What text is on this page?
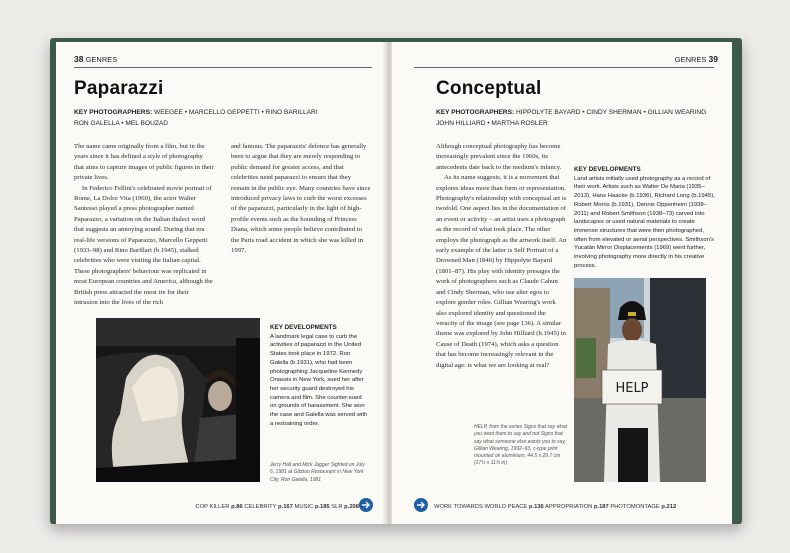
38 GENRES
Paparazzi
KEY PHOTOGRAPHERS: WEEGEE • MARCELLO GEPPETTI • RINO BARILLARI
RON GALELLA • MEL BOUZAD

The name came originally from a film, but in the years since it has defined a style of photography that aims to capture images of public figures in their private lives.

In Federico Fellini's celebrated movie portrait of Rome, La Dolce Vita (1960), the actor Walter Santesso played a press photographer named Paparazzo, a variation on the Italian dialect word that suggests an annoying sound. During that era real-life versions of Paparazzo, Marcello Geppetti (1933–98) and Rino Barillari (b.1945), stalked celebrities who were visiting the Italian capital. These photographers' behaviour was replicated in most European countries and America, although the British press attracted the most ire for their intrusion into the lives of the rich

and famous. The paparazzis' defence has generally been to argue that they are merely responding to public demand for greater access, and that celebrities need paparazzi to ensure that they remain in the public eye. Many countries have since introduced privacy laws to curb the worst excesses of the paparazzi, particularly in the light of high-profile events such as the hounding of Princess Diana, which some people believe contributed to the Paris road accident in which she was killed in 1997.

KEY DEVELOPMENTS
A landmark legal case to curb the activities of paparazzi in the United States took place in 1972. Ron Galella (b.1931), who had been photographing Jacqueline Kennedy Onassis in New York, sued her after her security guard destroyed his camera and film. She counter-sued on grounds of harassment. She won the case and Galella was served with a restraining order.
Jerry Hall and Mick Jagger Sighted on July 6, 1981 at Gibbon Restaurant in New York City, Ron Galella, 1981
COP KILLER p.86 CELEBRITY p.167 MUSIC p.185 SLR p.208
GENRES 39
Conceptual
KEY PHOTOGRAPHERS: HIPPOLYTE BAYARD • CINDY SHERMAN • GILLIAN WEARING
JOHN HILLIARD • MARTHA ROSLER

Although conceptual photography has become increasingly prevalent since the 1960s, its antecedents date back to the medium's infancy.

As its name suggests, it is a movement that explores ideas more than form or representation. Photography's relationship with conceptual art is twofold. One aspect lies in the documentation of an event or activity – an artist uses a photograph as the record of what took place. The other employs the photograph as the artwork itself. An early example of the latter is Self Portrait of a Drowned Man (1840) by Hippolyte Bayard (1801–87). His play with identity presages the work of photographers such as Claude Cahun and Cindy Sherman, who use alter egos to explore gender roles. Gillian Wearing's work also explored identity and questioned the veracity of the image (see page 136). A similar theme was explored by John Hilliard (b.1945) in Cause of Death (1974), which asks a question that has become increasingly relevant in the digital age: is what we are looking at real?

KEY DEVELOPMENTS
Land artists initially used photography as a record of their work. Artists such as Walter De Maria (1935–2013), Hans Haacke (b.1936), Richard Long (b.1945), Robert Morris (b.1931), Dennis Oppenheim (1938–2011) and Robert Smithson (1938–73) carved into landscapes or used natural materials to create immense structures that were then photographed, often from elevated or aerial perspectives. Smithson's Yucatán Mirror Displacements (1969) went further, involving photography more directly in his creative process.
HELP
HELP, from the series Signs that say what you want them to say and not Signs that say what someone else wants you to say, Gillian Wearing, 1992–93, c-type print mounted on aluminium, 44.5 x 29.7 cm (17½ x 11¾ in)
WORK TOWARDS WORLD PEACE p.136 APPROPRIATION p.187 PHOTOMONTAGE p.212
